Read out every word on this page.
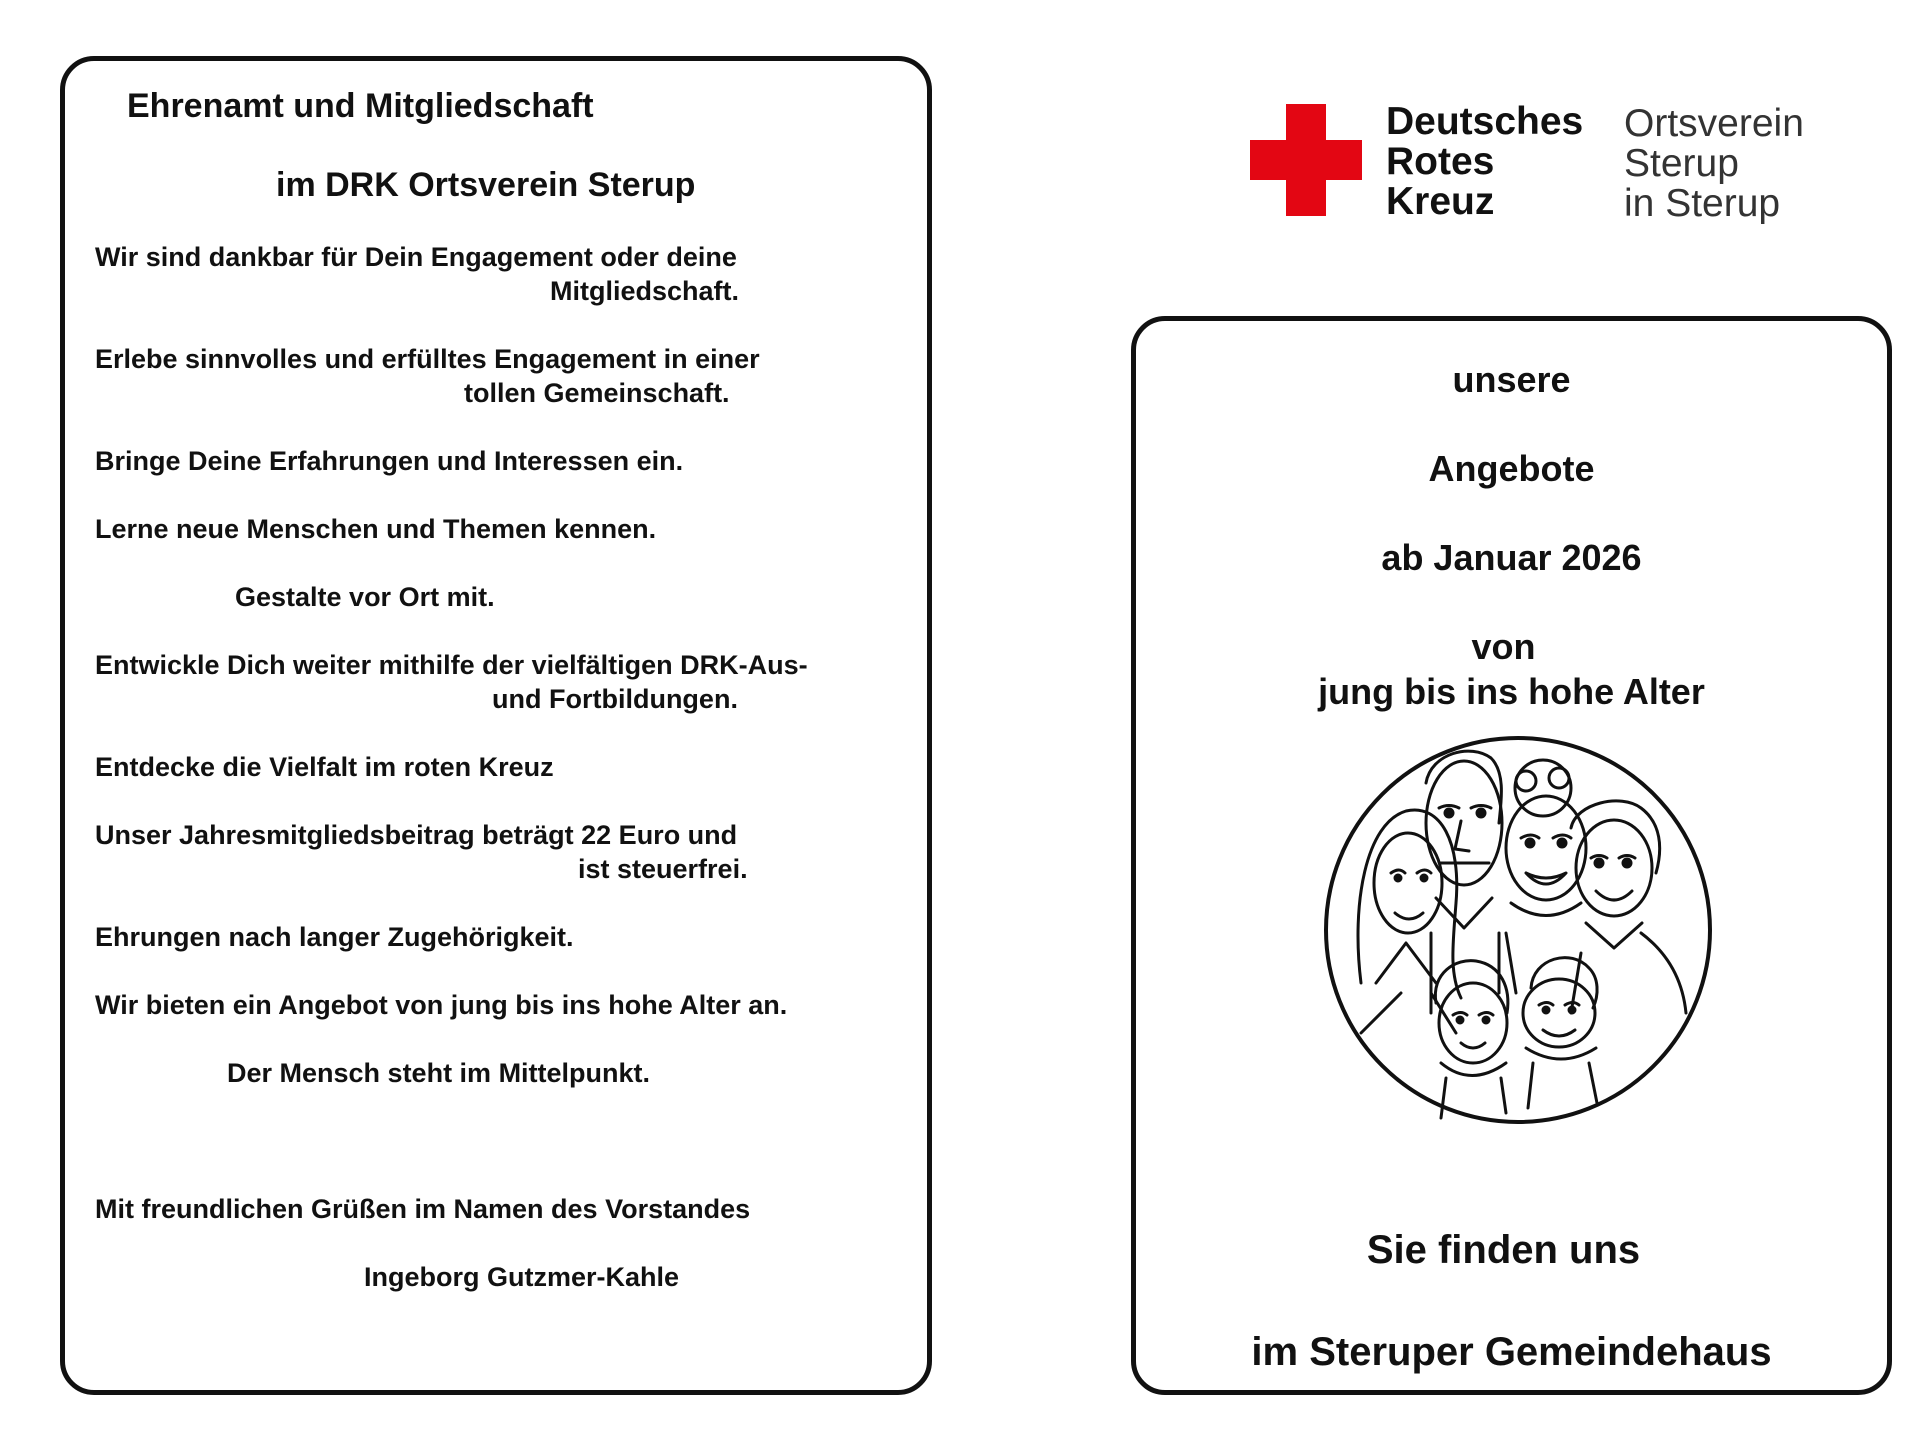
Deutsches
Rotes
Kreuz
Ortsverein
Sterup
in Sterup
Ehrenamt und Mitgliedschaft
im DRK Ortsverein Sterup
Wir sind dankbar für Dein Engagement oder deine
Mitgliedschaft.
Erlebe sinnvolles und erfülltes Engagement in einer
tollen Gemeinschaft.
Bringe Deine Erfahrungen und Interessen ein.
Lerne neue Menschen und Themen kennen.
Gestalte vor Ort mit.
Entwickle Dich weiter mithilfe der vielfältigen DRK-Aus-
und Fortbildungen.
Entdecke die Vielfalt im roten Kreuz
Unser Jahresmitgliedsbeitrag beträgt 22 Euro und
ist steuerfrei.
Ehrungen nach langer Zugehörigkeit.
Wir bieten ein Angebot von jung bis ins hohe Alter an.
Der Mensch steht im Mittelpunkt.
Mit freundlichen Grüßen im Namen des Vorstandes
Ingeborg Gutzmer-Kahle
unsere
Angebote
ab Januar 2026
von
jung bis ins hohe Alter
Sie finden uns
im Steruper Gemeindehaus
